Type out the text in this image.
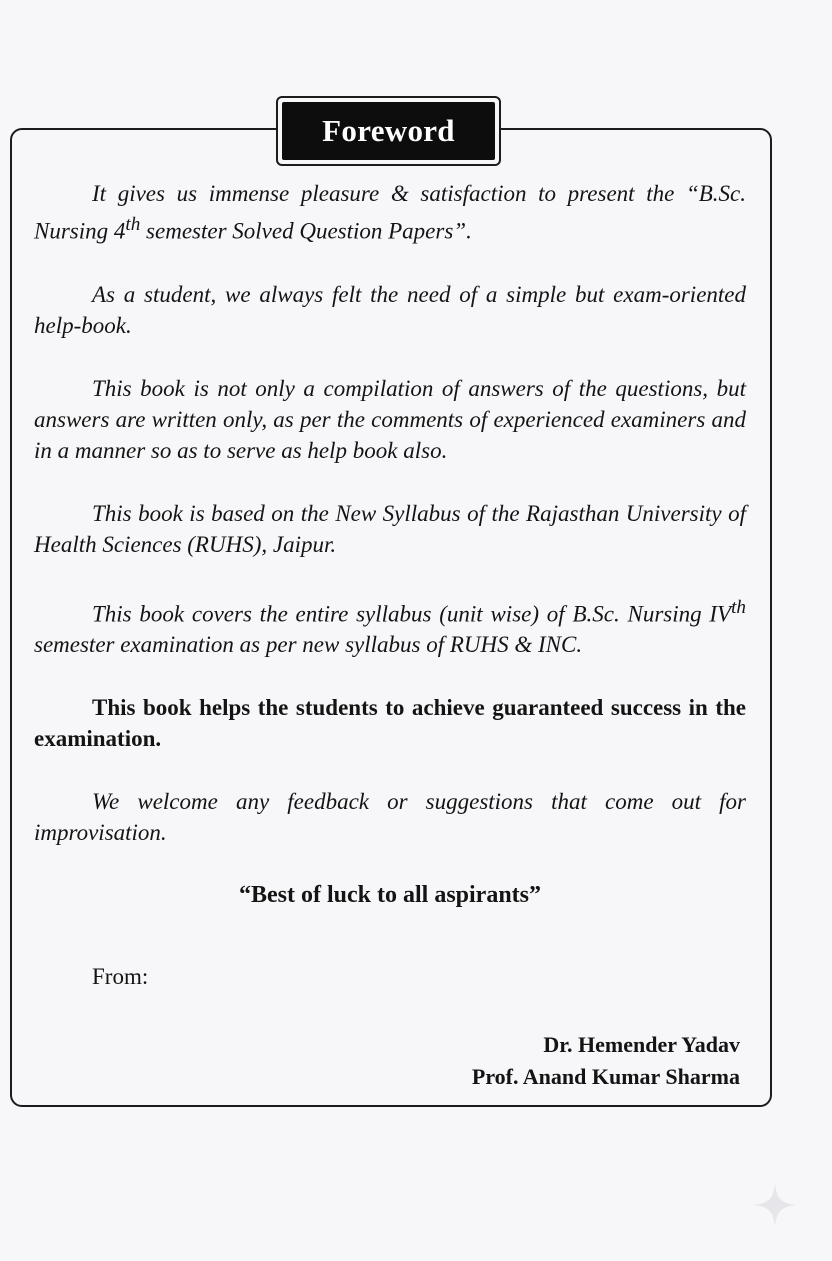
Foreword

It gives us immense pleasure & satisfaction to present the “B.Sc. Nursing 4th semester Solved Question Papers”.

As a student, we always felt the need of a simple but exam-oriented help-book.

This book is not only a compilation of answers of the questions, but answers are written only, as per the comments of experienced examiners and in a manner so as to serve as help book also.

This book is based on the New Syllabus of the Rajasthan University of Health Sciences (RUHS), Jaipur.

This book covers the entire syllabus (unit wise) of B.Sc. Nursing IVth semester examination as per new syllabus of RUHS & INC.

This book helps the students to achieve guaranteed success in the examination.

We welcome any feedback or suggestions that come out for improvisation.

“Best of luck to all aspirants”

From:
Dr. Hemender Yadav
Prof. Anand Kumar Sharma
